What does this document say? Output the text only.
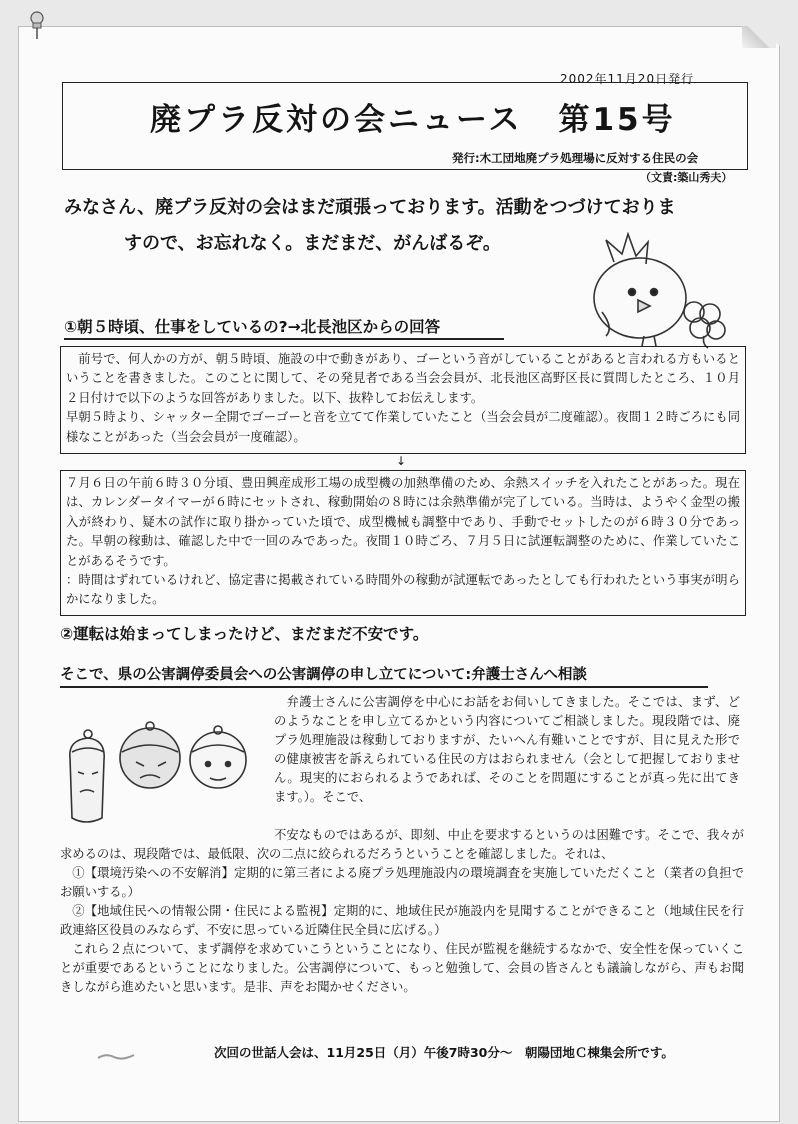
2002年11月20日発行
廃プラ反対の会ニュース 第15号
発行:木工団地廃プラ処理場に反対する住民の会
（文責:築山秀夫）
みなさん、廃プラ反対の会はまだ頑張っております。活動をつづけておりま
すので、お忘れなく。まだまだ、がんばるぞ。
①朝５時頃、仕事をしているの?→北長池区からの回答

前号で、何人かの方が、朝５時頃、施設の中で動きがあり、ゴーという音がしていることがあると言われる方もいるということを書きました。このことに関して、その発見者である当会会員が、北長池区高野区長に質問したところ、１０月２日付けで以下のような回答がありました。以下、抜粋してお伝えします。

早朝５時より、シャッター全開でゴーゴーと音を立てて作業していたこと（当会会員が二度確認）。夜間１２時ごろにも同様なことがあった（当会会員が一度確認）。

↓

７月６日の午前６時３０分頃、豊田興産成形工場の成型機の加熱準備のため、余熱スイッチを入れたことがあった。現在は、カレンダータイマーが６時にセットされ、稼動開始の８時には余熱準備が完了している。当時は、ようやく金型の搬入が終わり、疑木の試作に取り掛かっていた頃で、成型機械も調整中であり、手動でセットしたのが６時３０分であった。早朝の稼動は、確認した中で一回のみであった。夜間１０時ごろ、７月５日に試運転調整のために、作業していたことがあるそうです。

：時間はずれているけれど、協定書に掲載されている時間外の稼動が試運転であったとしても行われたという事実が明らかになりました。

②運転は始まってしまったけど、まだまだ不安です。
そこで、県の公害調停委員会への公害調停の申し立てについて:弁護士さんへ相談
弁護士さんに公害調停を中心にお話をお伺いしてきました。そこでは、まず、どのようなことを申し立てるかという内容についてご相談しました。現段階では、廃プラ処理施設は稼動しておりますが、たいへん有難いことですが、目に見えた形での健康被害を訴えられている住民の方はおられません（会として把握しておりません。現実的におられるようであれば、そのことを問題にすることが真っ先に出てきます。）。そこで、

不安なものではあるが、即刻、中止を要求するというのは困難です。そこで、我々が求めるのは、現段階では、最低限、次の二点に絞られるだろうということを確認しました。それは、

①【環境汚染への不安解消】定期的に第三者による廃プラ処理施設内の環境調査を実施していただくこと（業者の負担でお願いする。）

②【地域住民への情報公開・住民による監視】定期的に、地域住民が施設内を見聞することができること（地域住民を行政連絡区役員のみならず、不安に思っている近隣住民全員に広げる。）

これら２点について、まず調停を求めていこうということになり、住民が監視を継続するなかで、安全性を保っていくことが重要であるということになりました。公害調停について、もっと勉強して、会員の皆さんとも議論しながら、声もお聞きしながら進めたいと思います。是非、声をお聞かせください。

次回の世話人会は、11月25日（月）午後7時30分～　朝陽団地Ｃ棟集会所です。
